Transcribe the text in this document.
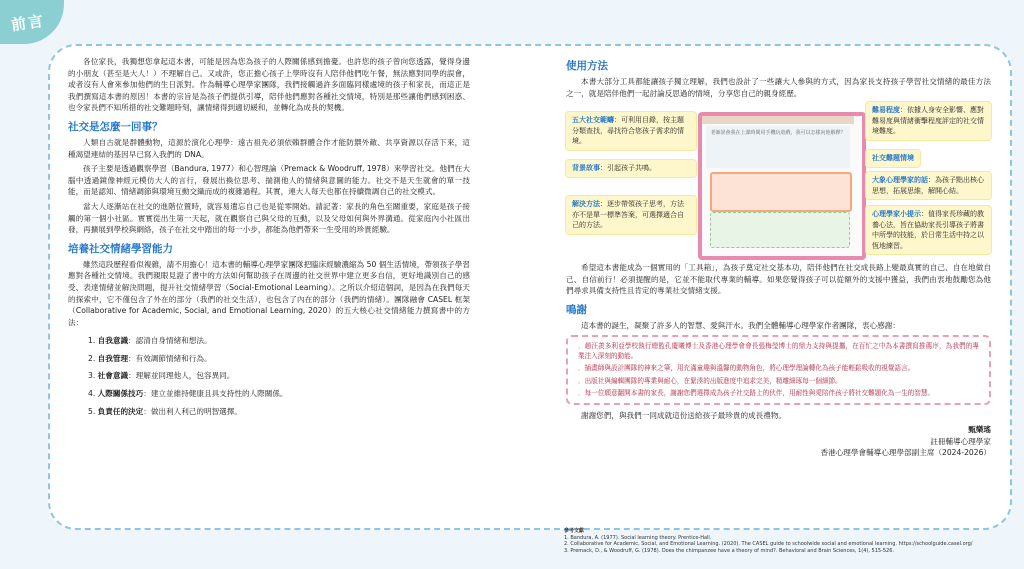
前言

各位家長，我獨想您拿起這本書，可能是因為您為孩子的人際關係感到擔憂。也許您的孩子曾向您透露，覺得身邊的小朋友（甚至是大人！）不理解自己。又或許，您正擔心孩子上學時沒有人陪伴他們吃午餐，無法應對同學的誤會，或者沒有人會來參加他們的生日派對。作為輔導心理學家團隊，我們接觸過許多面臨同樣處境的孩子和家長，而這正是我們撰寫這本書的原因！本書的宗旨是為孩子們提供引導，陪伴他們應對各種社交情境，特別是那些讓他們感到困惑、也令家長們不知所措的社交難題時刻，讓情緒得到適切緩和，並轉化為成長的契機。

社交是怎麼一回事？

人類自古就是群體動物，這源於演化心理學：遠古祖先必須依賴群體合作才能防禦外敵、共享資源以存活下來，這種渴望連結的基因早已寫入我們的 DNA。

孩子主要是透過觀察學習（Bandura, 1977）和心智理論（Premack & Woodruff, 1978）來學習社交。他們在大腦中透過鏡像神經元模仿大人的言行，發展出換位思考、揣測他人的情緒與意圖的能力。社交不是天生就會的單一技能，而是認知、情緒調節與環境互動交織而成的複雜過程。其實，連大人每天也都在持續微調自己的社交模式。

當大人逐漸站在社交的進階位置時，就容易遺忘自己也是從零開始。請記著：家長的角色至關重要，家庭是孩子接觸的第一個小社區。實實從出生第一天起，就在觀察自己與父母的互動，以及父母如何與外界溝通。從家庭內小社區出發，再擴展到學校與網絡，孩子在社交中踏出的每一小步，都能為他們帶來一生受用的珍貴經驗。

培養社交情緒學習能力

雖然這段歷程看似複雜，請不用擔心！這本書的輔導心理學家團隊把臨床經驗濃縮為 50 個生活情境，帶領孩子學習應對各種社交情境。我們親眼見證了書中的方法如何幫助孩子在周邊的社交世界中建立更多自信，更好地識別自己的感受、表達情緒並解決問題，提升社交情緒學習（Social-Emotional Learning）。之所以介紹這個詞，是因為在我們每天的探索中，它不僅包含了外在的部分（我們的社交生活），也包含了內在的部分（我們的情緒）。團隊融會 CASEL 框架（Collaborative for Academic, Social, and Emotional Learning, 2020）的五大核心社交情緒能力撰寫書中的方法：

1. 自我意識：認清自身情緒和想法。
2. 自我管理：有效調節情緒和行為。
3. 社會意識：理解並同理他人，包容異同。
4. 人際關係技巧：建立並維持健康且具支持性的人際關係。
5. 負責任的決定：做出利人利己的明智選擇。
使用方法

本書大部分工具都能讓孩子獨立理解，我們也設計了一些讓大人參與的方式，因為家長支持孩子學習社交情緒的最佳方法之一，就是陪伴他們一起討論反思過的情境，分享您自己的親身經歷。

老師誤會我在上課時間用手機玩遊戲，我可以怎樣向他解釋？
五大社交範疇：可利用目錄，按主題分類查找，尋找符合您孩子需求的情境。
背景故事：引起孩子共鳴。
解決方法：逐步帶領孩子思考，方法亦不是單一標準答案，可選擇適合自己的方法。
難易程度：依據人身安全影響、應對難易度與情緒衝擊程度評定的社交情境難度。
社交難題情境
大象心理學家的話：為孩子點出核心思想，拓展思維，解開心結。
心理學家小提示：值得家長珍藏的教養心法，旨在協助家長引導孩子將書中所學的技能，於日常生活中持之以恆地練習。

希望這本書能成為一個實用的「工具箱」，為孩子奠定社交基本功，陪伴他們在社交成長路上變最真實的自己、自在地做自己、自信前行！必須提醒的是，它並不能取代專業的輔導。如果您覺得孩子可以從額外的支援中獲益，我們由衷地鼓勵您為他們尋求具備支持性且肯定的專業社交情緒支援。

鳴謝

這本書的誕生，凝聚了許多人的智慧、愛與汗水。我們全體輔導心理學家作者團隊，衷心感謝：

．趙汪羨多利亞學校執行總監孔慶曦博士及香港心理學會會長張梅瑩博士的鼎力支持與提攜，在百忙之中為本書撰寫推薦序，為我們的專業注入深刻的動能。

．插畫師與設計團隊的神來之筆，用充滿童趣與溫馨的動物角色，將心理學理論轉化為孩子能輕鬆吸收的視覺語言。

．出版社與編輯團隊的專業與耐心，在緊湊的出版進度中追求完美，精雕細琢每一個細節。

．每一位願意翻開本書的家長，謝謝您們選擇成為孩子社交路上的伙伴，用耐性與愛陪伴孩子將社交難題化為一生的智慧。

謝謝您們，與我們一同成就這份送給孩子最珍貴的成長禮物。

甄樂瑤
註冊輔導心理學家
香港心理學會輔導心理學部副主席（2024-2026）
參考文獻
1. Bandura, A. (1977). Social learning theory. Prentice-Hall.
2. Collaborative for Academic, Social, and Emotional Learning. (2020). The CASEL guide to schoolwide social and emotional learning. https://schoolguide.casel.org/
3. Premack, D., & Woodruff, G. (1978). Does the chimpanzee have a theory of mind?. Behavioral and Brain Sciences, 1(4), 515-526.
